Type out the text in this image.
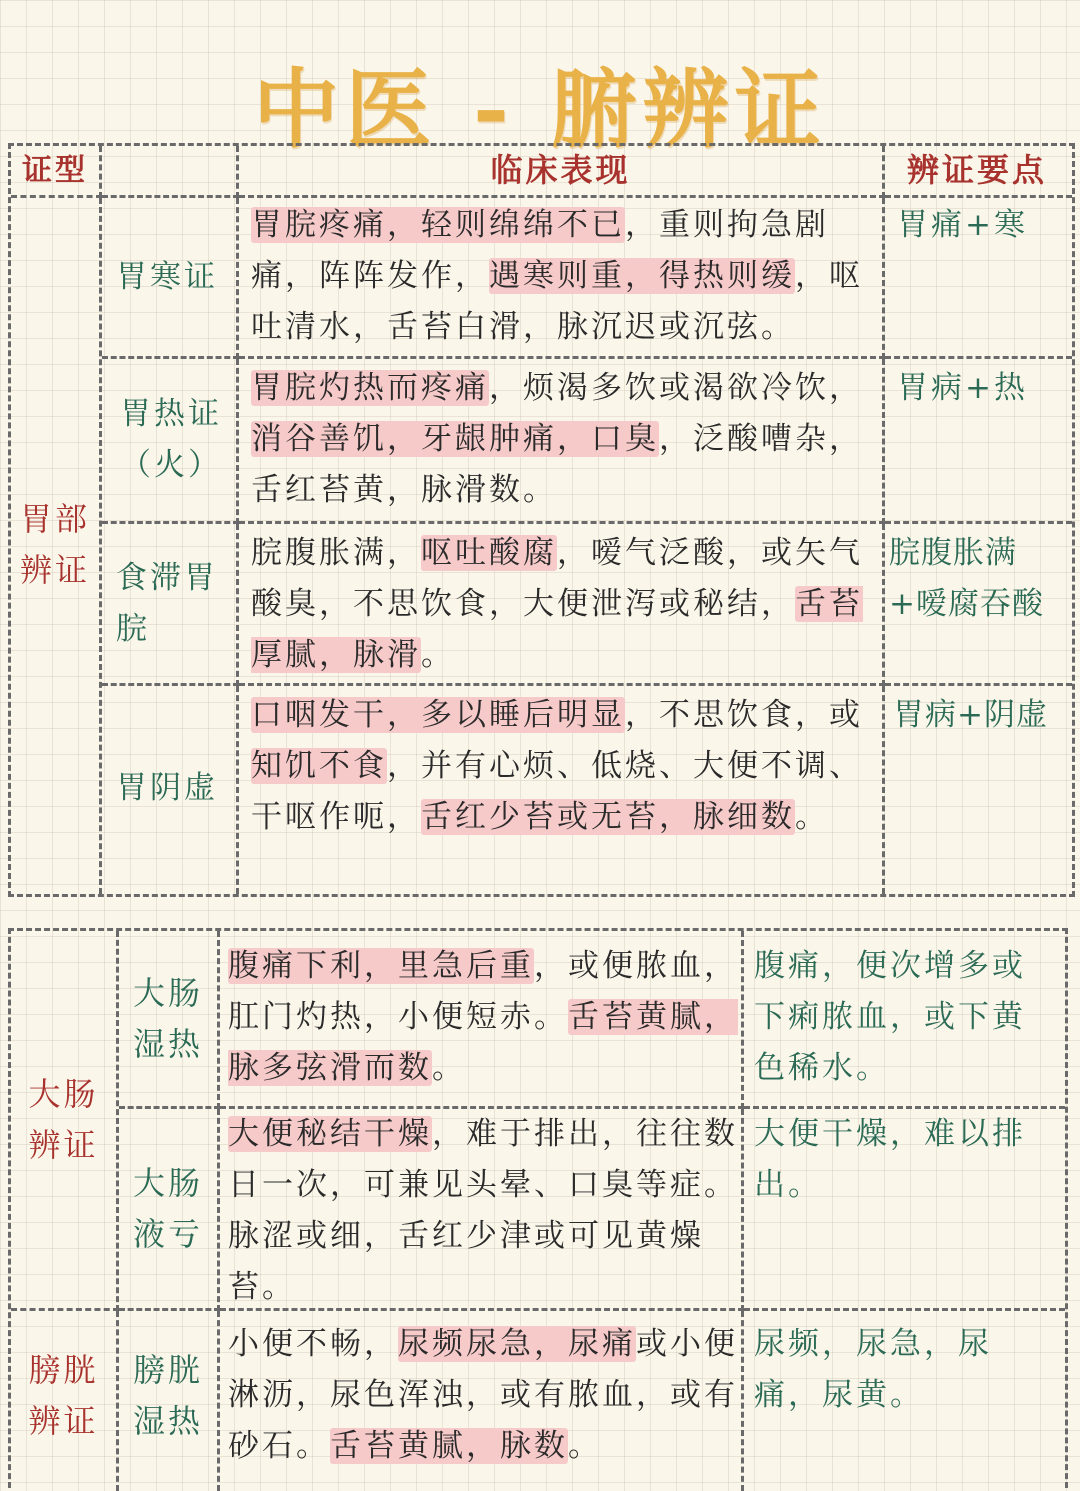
中医 - 腑辨证
证型	临床表现	辨证要点
胃部
辨证
胃寒证
胃脘疼痛，轻则绵绵不已，重则拘急剧痛，阵阵发作，遇寒则重，得热则缓，呕吐清水，舌苔白滑，脉沉迟或沉弦。
胃痛+寒
胃热证
（火）
胃脘灼热而疼痛，烦渴多饮或渴欲冷饮，消谷善饥，牙龈肿痛，口臭，泛酸嘈杂，舌红苔黄，脉滑数。
胃病+热
食滞胃
脘
脘腹胀满，呕吐酸腐，嗳气泛酸，或矢气酸臭，不思饮食，大便泄泻或秘结，舌苔厚腻，脉滑。
脘腹胀满
+嗳腐吞酸
胃阴虚
口咽发干，多以睡后明显，不思饮食，或知饥不食，并有心烦、低烧、大便不调、干呕作呃，舌红少苔或无苔，脉细数。
胃病+阴虚
大肠
辨证
大肠
湿热
腹痛下利，里急后重，或便脓血，肛门灼热，小便短赤。舌苔黄腻，脉多弦滑而数。
腹痛，便次增多或下痢脓血，或下黄色稀水。
大肠
液亏
大便秘结干燥，难于排出，往往数日一次，可兼见头晕、口臭等症。脉涩或细，舌红少津或可见黄燥苔。
大便干燥，难以排出。
膀胱
辨证
膀胱
湿热
小便不畅，尿频尿急，尿痛或小便淋沥，尿色浑浊，或有脓血，或有砂石。舌苔黄腻，脉数。
尿频，尿急，尿痛，尿黄。
